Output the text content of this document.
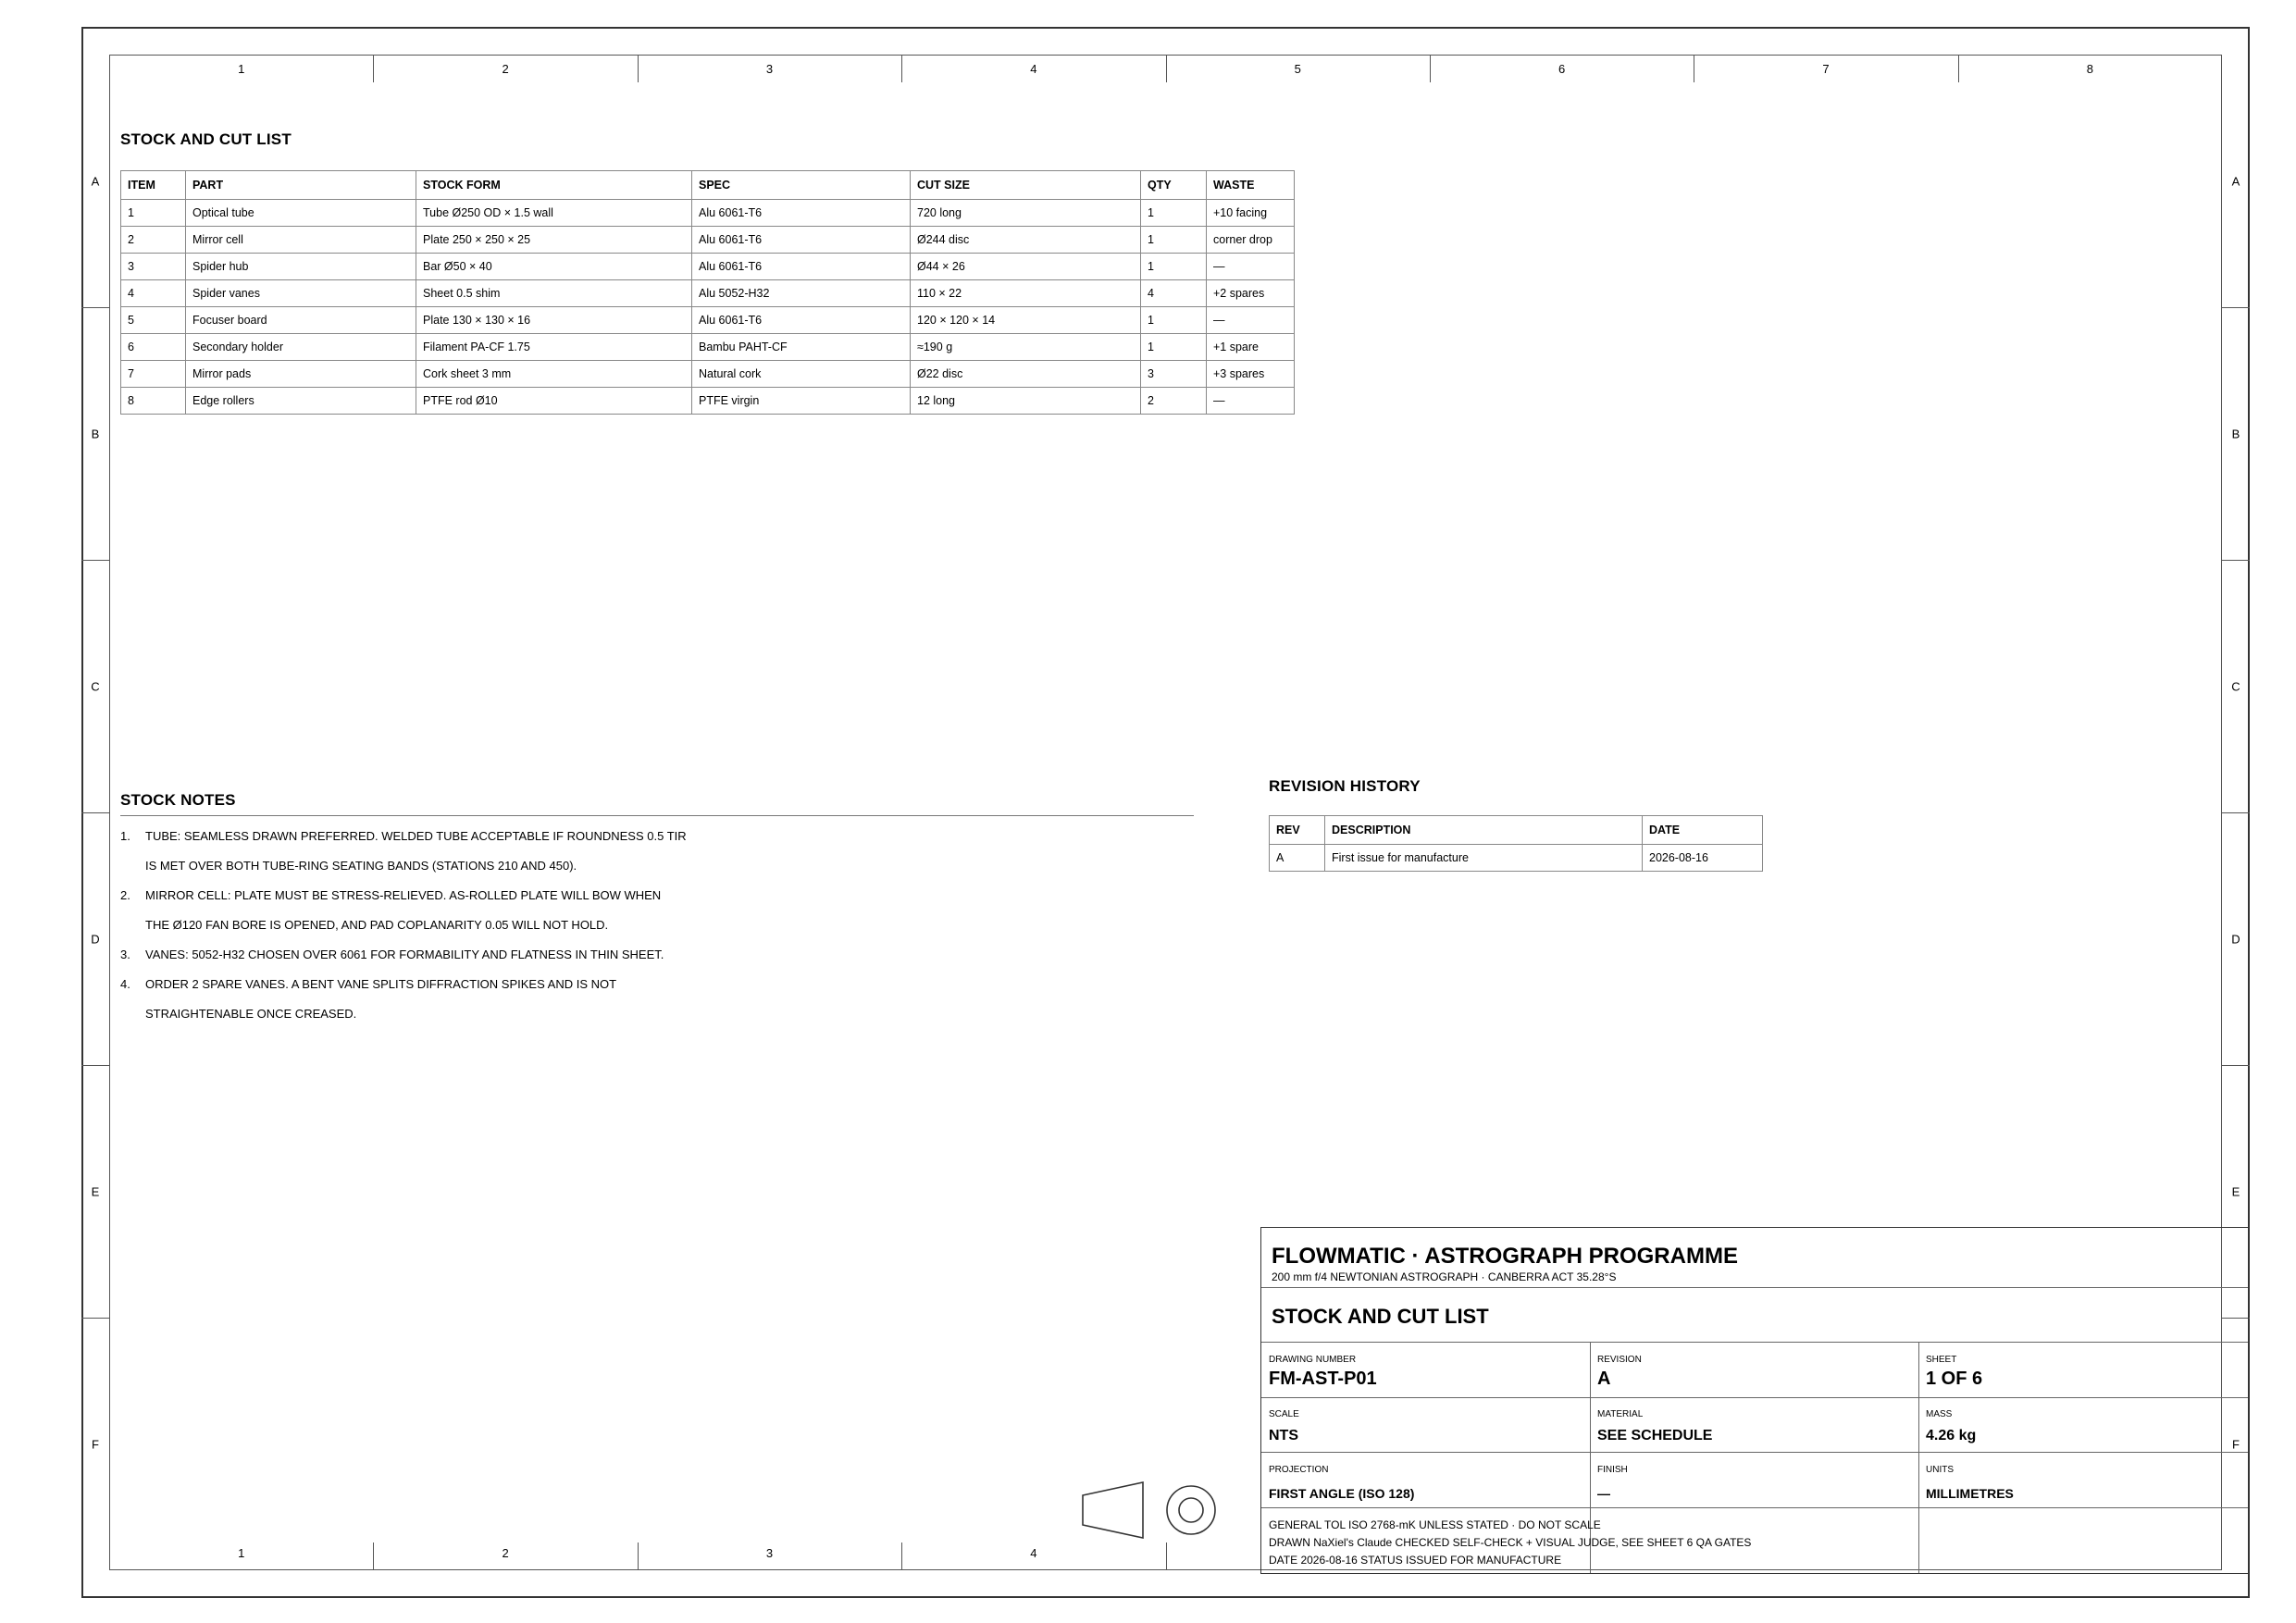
1	2	3	4	5	6	7	8
1	2	3	4
A	A
B	B
C	C
D	D
E	E
F	F
STOCK AND CUT LIST
ITEM	PART	STOCK FORM	SPEC	CUT SIZE	QTY	WASTE
1	Optical tube	Tube Ø250 OD × 1.5 wall	Alu 6061-T6	720 long	1	+10 facing
2	Mirror cell	Plate 250 × 250 × 25	Alu 6061-T6	Ø244 disc	1	corner drop
3	Spider hub	Bar Ø50 × 40	Alu 6061-T6	Ø44 × 26	1	—
4	Spider vanes	Sheet 0.5 shim	Alu 5052-H32	110 × 22	4	+2 spares
5	Focuser board	Plate 130 × 130 × 16	Alu 6061-T6	120 × 120 × 14	1	—
6	Secondary holder	Filament PA-CF 1.75	Bambu PAHT-CF	≈190 g	1	+1 spare
7	Mirror pads	Cork sheet 3 mm	Natural cork	Ø22 disc	3	+3 spares
8	Edge rollers	PTFE rod Ø10	PTFE virgin	12 long	2	—
STOCK NOTES
1. TUBE: SEAMLESS DRAWN PREFERRED. WELDED TUBE ACCEPTABLE IF ROUNDNESS 0.5 TIR
IS MET OVER BOTH TUBE-RING SEATING BANDS (STATIONS 210 AND 450).
2. MIRROR CELL: PLATE MUST BE STRESS-RELIEVED. AS-ROLLED PLATE WILL BOW WHEN
THE Ø120 FAN BORE IS OPENED, AND PAD COPLANARITY 0.05 WILL NOT HOLD.
3. VANES: 5052-H32 CHOSEN OVER 6061 FOR FORMABILITY AND FLATNESS IN THIN SHEET.
4. ORDER 2 SPARE VANES. A BENT VANE SPLITS DIFFRACTION SPIKES AND IS NOT
STRAIGHTENABLE ONCE CREASED.
REVISION HISTORY
REV	DESCRIPTION	DATE
A	First issue for manufacture	2026-08-16
FLOWMATIC · ASTROGRAPH PROGRAMME
200 mm f/4 NEWTONIAN ASTROGRAPH · CANBERRA ACT 35.28°S
STOCK AND CUT LIST
DRAWING NUMBER
FM-AST-P01
REVISION
A
SHEET
1 OF 6
SCALE
NTS
MATERIAL
SEE SCHEDULE
MASS
4.26 kg
PROJECTION
FIRST ANGLE (ISO 128)
FINISH
—
UNITS
MILLIMETRES
GENERAL TOL ISO 2768-mK UNLESS STATED · DO NOT SCALE
DRAWN NaXiel's Claude CHECKED SELF-CHECK + VISUAL JUDGE, SEE SHEET 6 QA GATES
DATE 2026-08-16 STATUS ISSUED FOR MANUFACTURE
